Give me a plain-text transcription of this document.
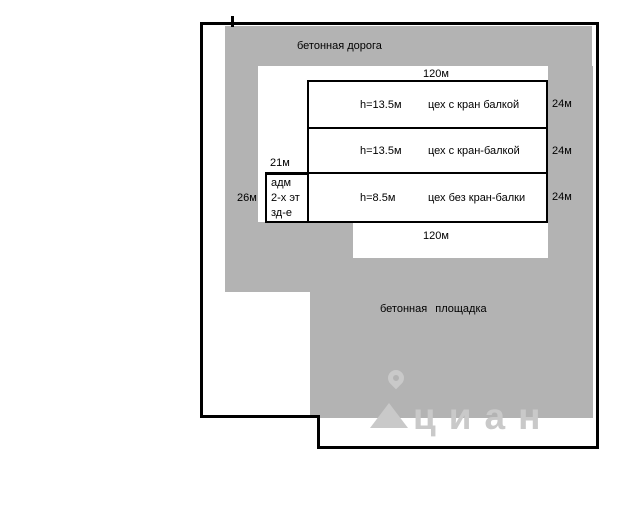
циан
h=13.5м цех с кран балкой
h=13.5м цех с кран-балкой
h=8.5м	цех без кран-балки
адм
2-х эт
зд-е
бетонная дорога
120м
120м
21м
26м
24м
24м
24м
бетонная площадка
